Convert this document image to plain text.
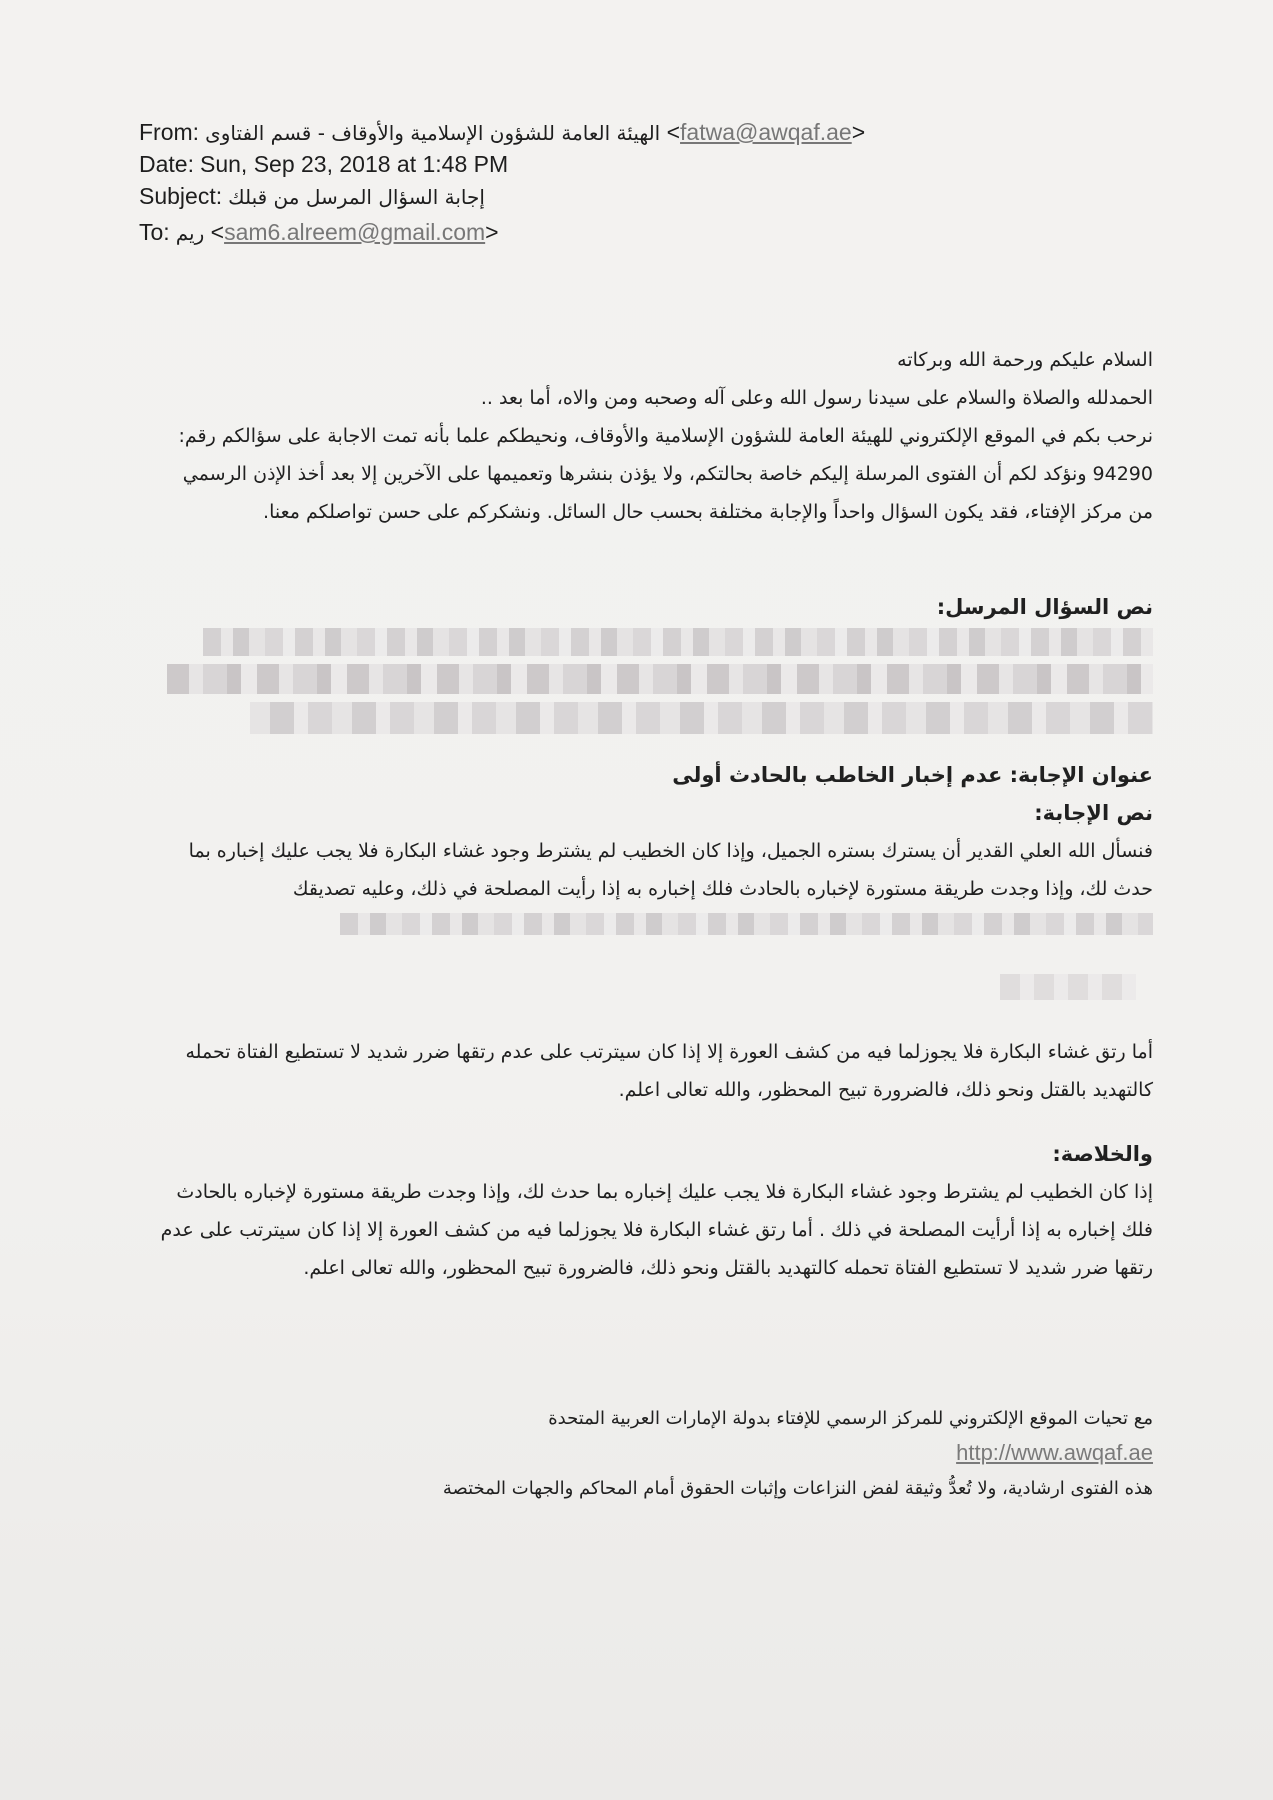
From: الهيئة العامة للشؤون الإسلامية والأوقاف - قسم الفتاوى <fatwa@awqaf.ae>
Date: Sun, Sep 23, 2018 at 1:48 PM
Subject: إجابة السؤال المرسل من قبلك
To: ريم <sam6.alreem@gmail.com>

السلام عليكم ورحمة الله وبركاته

الحمدلله والصلاة والسلام على سيدنا رسول الله وعلى آله وصحبه ومن والاه، أما بعد ..

نرحب بكم في الموقع الإلكتروني للهيئة العامة للشؤون الإسلامية والأوقاف، ونحيطكم علما بأنه تمت الاجابة على سؤالكم رقم: 94290 ونؤكد لكم أن الفتوى المرسلة إليكم خاصة بحالتكم، ولا يؤذن بنشرها وتعميمها على الآخرين إلا بعد أخذ الإذن الرسمي من مركز الإفتاء، فقد يكون السؤال واحداً والإجابة مختلفة بحسب حال السائل. ونشكركم على حسن تواصلكم معنا.

نص السؤال المرسل:

عنوان الإجابة: عدم إخبار الخاطب بالحادث أولى

نص الإجابة:

فنسأل الله العلي القدير أن يسترك بستره الجميل، وإذا كان الخطيب لم يشترط وجود غشاء البكارة فلا يجب عليك إخباره بما حدث لك، وإذا وجدت طريقة مستورة لإخباره بالحادث فلك إخباره به إذا رأيت المصلحة في ذلك، وعليه تصديقك

أما رتق غشاء البكارة فلا يجوزلما فيه من كشف العورة إلا إذا كان سيترتب على عدم رتقها ضرر شديد لا تستطيع الفتاة تحمله كالتهديد بالقتل ونحو ذلك، فالضرورة تبيح المحظور، والله تعالى اعلم.

والخلاصة:

إذا كان الخطيب لم يشترط وجود غشاء البكارة فلا يجب عليك إخباره بما حدث لك، وإذا وجدت طريقة مستورة لإخباره بالحادث فلك إخباره به إذا أرأيت المصلحة في ذلك . أما رتق غشاء البكارة فلا يجوزلما فيه من كشف العورة إلا إذا كان سيترتب على عدم رتقها ضرر شديد لا تستطيع الفتاة تحمله كالتهديد بالقتل ونحو ذلك، فالضرورة تبيح المحظور، والله تعالى اعلم.

مع تحيات الموقع الإلكتروني للمركز الرسمي للإفتاء بدولة الإمارات العربية المتحدة

http://www.awqaf.ae

هذه الفتوى ارشادية، ولا تُعدُّ وثيقة لفض النزاعات وإثبات الحقوق أمام المحاكم والجهات المختصة
